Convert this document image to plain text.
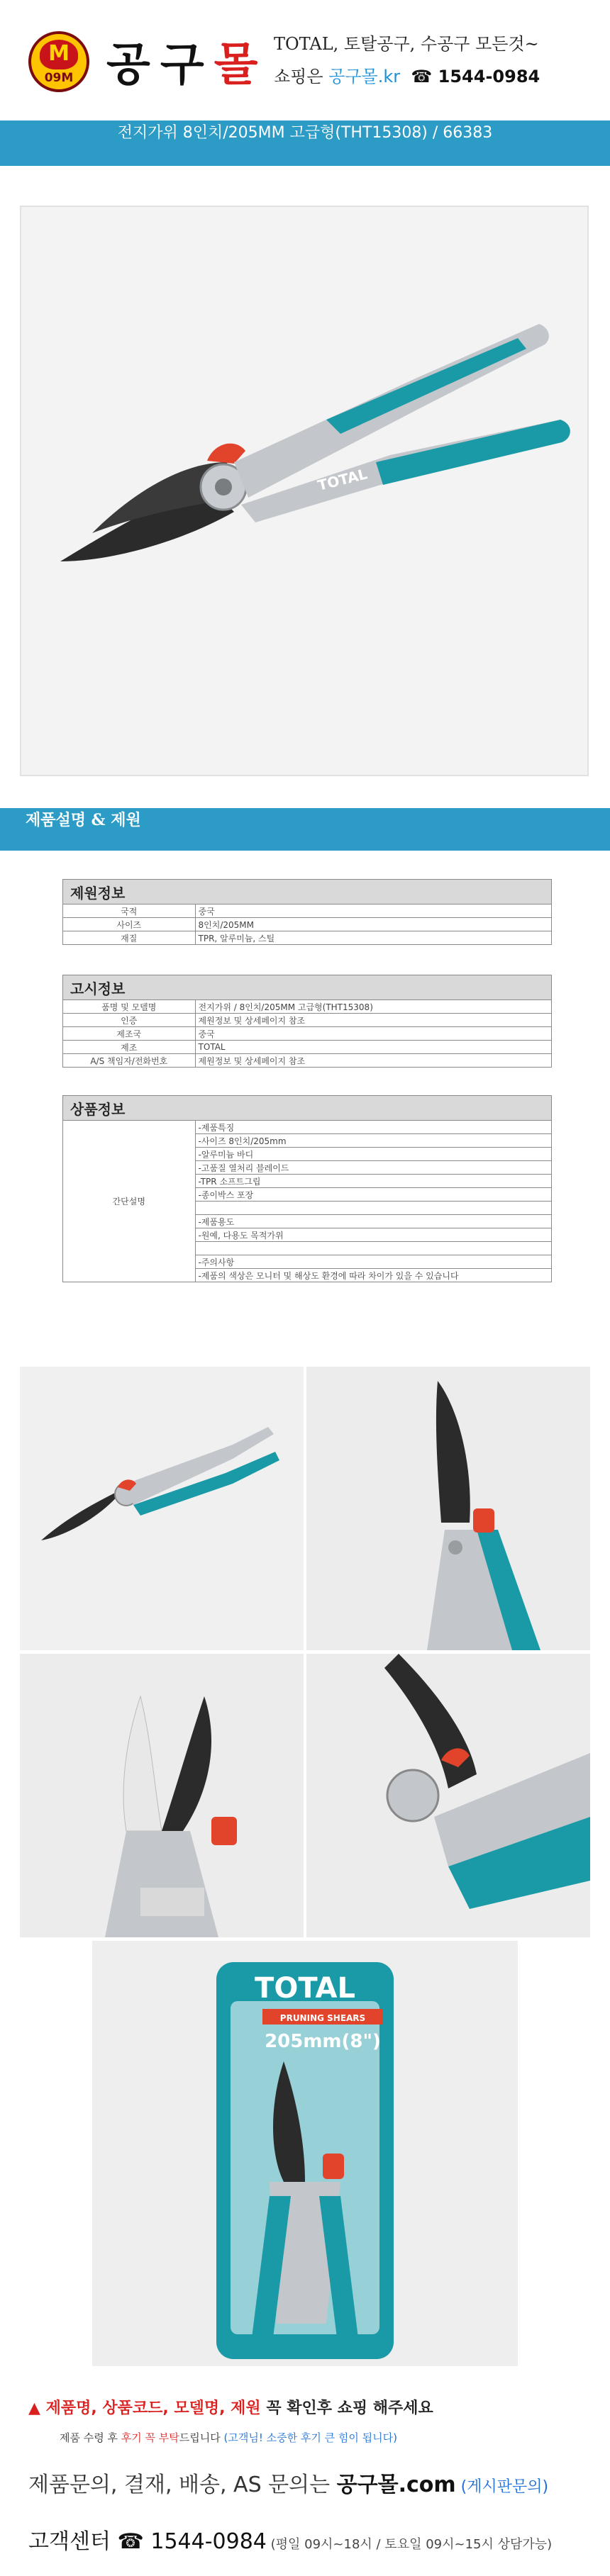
M
09M 공구몰 TOTAL, 토탈공구, 수공구 모든것~
쇼핑은 공구몰.kr ☎ 1544-0984
전지가위 8인치/205MM 고급형(THT15308) / 66383
TOTAL
제품설명 & 제원
제원정보	
국적	중국
사이즈	8인치/205MM
재질	TPR, 알루미늄, 스틸
고시정보	
품명 및 모델명	전지가위 / 8인치/205MM 고급형(THT15308)
인증	제원정보 및 상세페이지 참조
제조국	중국
제조	TOTAL
A/S 책임자/전화번호	제원정보 및 상세페이지 참조
상품정보
간단설명	-제품특징
-사이즈 8인치/205mm
-알루미늄 바디
-고품질 열처리 블레이드
-TPR 소프트그립
-종이박스 포장

-제품용도
-원예, 다용도 목적가위

-주의사항
-제품의 색상은 모니터 및 해상도 환경에 따라 차이가 있을 수 있습니다
TOTAL
PRUNING SHEARS
205mm(8")
▲ 제품명, 상품코드, 모델명, 제원 꼭 확인후 쇼핑 해주세요
제품 수령 후 후기 꼭 부탁드립니다 (고객님! 소중한 후기 큰 힘이 됩니다)
제품문의, 결재, 배송, AS 문의는 공구몰.com (게시판문의)
고객센터 ☎ 1544-0984 (평일 09시~18시 / 토요일 09시~15시 상담가능)
